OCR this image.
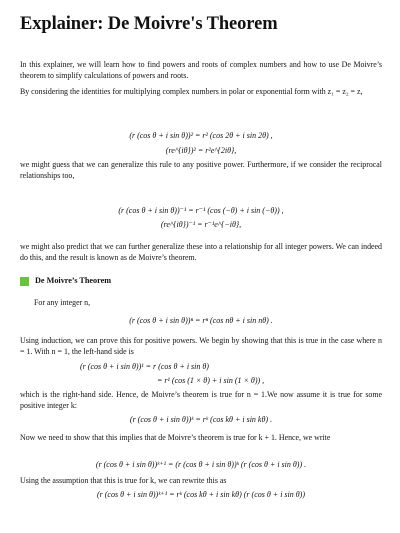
Explainer: De Moivre's Theorem

In this explainer, we will learn how to find powers and roots of complex numbers and how to use De Moivre’s theorem to simplify calculations of powers and roots.

By considering the identities for multiplying complex numbers in polar or exponential form with z₁ = z₂ = z,

(r (cos θ + i sin θ))² = r² (cos 2θ + i sin 2θ) ,
(re^{iθ})² = r²e^{2iθ},

we might guess that we can generalize this rule to any positive power. Furthermore, if we consider the reciprocal relationships too,

(r (cos θ + i sin θ))⁻¹ = r⁻¹ (cos (−θ) + i sin (−θ)) ,
(re^{iθ})⁻¹ = r⁻¹e^{−iθ},

we might also predict that we can further generalize these into a relationship for all integer powers. We can indeed do this, and the result is known as de Moivre’s theorem.

De Moivre’s Theorem

For any integer n,

(r (cos θ + i sin θ))ⁿ = rⁿ (cos nθ + i sin nθ) .

Using induction, we can prove this for positive powers. We begin by showing that this is true in the case where n = 1. With n = 1, the left-hand side is

(r (cos θ + i sin θ))¹ = r (cos θ + i sin θ)
= r¹ (cos (1 × θ) + i sin (1 × θ)) ,

which is the right-hand side. Hence, de Moivre’s theorem is true for n = 1.We now assume it is true for some positive integer k:

(r (cos θ + i sin θ))ᵏ = rᵏ (cos kθ + i sin kθ) .

Now we need to show that this implies that de Moivre’s theorem is true for k + 1. Hence, we write

(r (cos θ + i sin θ))ᵏ⁺¹ = (r (cos θ + i sin θ))ᵏ (r (cos θ + i sin θ)) .

Using the assumption that this is true for k, we can rewrite this as

(r (cos θ + i sin θ))ᵏ⁺¹ = rᵏ (cos kθ + i sin kθ) (r (cos θ + i sin θ))
